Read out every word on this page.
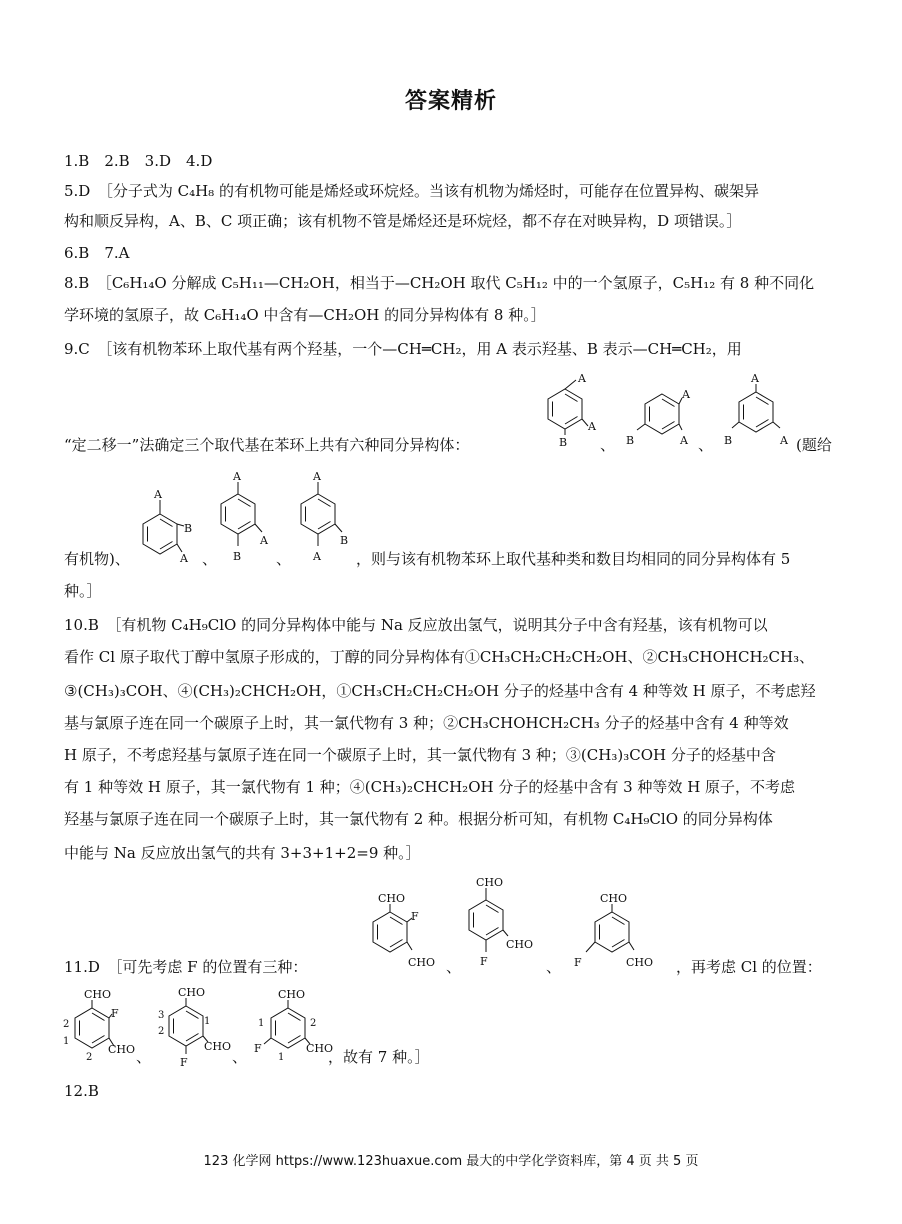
答案精析
1.B　2.B　3.D　4.D
5.D　［分子式为 C₄H₈ 的有机物可能是烯烃或环烷烃。当该有机物为烯烃时，可能存在位置异构、碳架异
构和顺反异构，A、B、C 项正确；该有机物不管是烯烃还是环烷烃，都不存在对映异构，D 项错误。］
6.B　7.A
8.B　［C₆H₁₄O 分解成 C₅H₁₁—CH₂OH，相当于—CH₂OH 取代 C₅H₁₂ 中的一个氢原子，C₅H₁₂ 有 8 种不同化
学环境的氢原子，故 C₆H₁₄O 中含有—CH₂OH 的同分异构体有 8 种。］
9.C　［该有机物苯环上取代基有两个羟基，一个—CH═CH₂，用 A 表示羟基、B 表示—CH═CH₂，用
“定二移一”法确定三个取代基在苯环上共有六种同分异构体：	、	、	(题给
有机物)、	、	、	，则与该有机物苯环上取代基种类和数目均相同的同分异构体有 5
种。］
10.B　［有机物 C₄H₉ClO 的同分异构体中能与 Na 反应放出氢气，说明其分子中含有羟基，该有机物可以
看作 Cl 原子取代丁醇中氢原子形成的，丁醇的同分异构体有①CH₃CH₂CH₂CH₂OH、②CH₃CHOHCH₂CH₃、
③(CH₃)₃COH、④(CH₃)₂CHCH₂OH，①CH₃CH₂CH₂CH₂OH 分子的烃基中含有 4 种等效 H 原子，不考虑羟
基与氯原子连在同一个碳原子上时，其一氯代物有 3 种；②CH₃CHOHCH₂CH₃ 分子的烃基中含有 4 种等效
H 原子，不考虑羟基与氯原子连在同一个碳原子上时，其一氯代物有 3 种；③(CH₃)₃COH 分子的烃基中含
有 1 种等效 H 原子，其一氯代物有 1 种；④(CH₃)₂CHCH₂OH 分子的烃基中含有 3 种等效 H 原子，不考虑
羟基与氯原子连在同一个碳原子上时，其一氯代物有 2 种。根据分析可知，有机物 C₄H₉ClO 的同分异构体
中能与 Na 反应放出氢气的共有 3+3+1+2=9 种。］
11.D　［可先考虑 F 的位置有三种：	、	、	，再考虑 Cl 的位置：
、	、	，故有 7 种。］
12.B
123 化学网 https://www.123huaxue.com 最大的中学化学资料库，第 4 页 共 5 页
A
A
B
A
A
B
A
A
B
A
B
A
A
A
B
A
B
A
CHO
F
CHO
CHO
CHO
F
CHO
CHO
F
CHO
F
CHO
2
1
2
CHO
CHO
F
3
2
1
CHO
CHO
F
1	2
1
